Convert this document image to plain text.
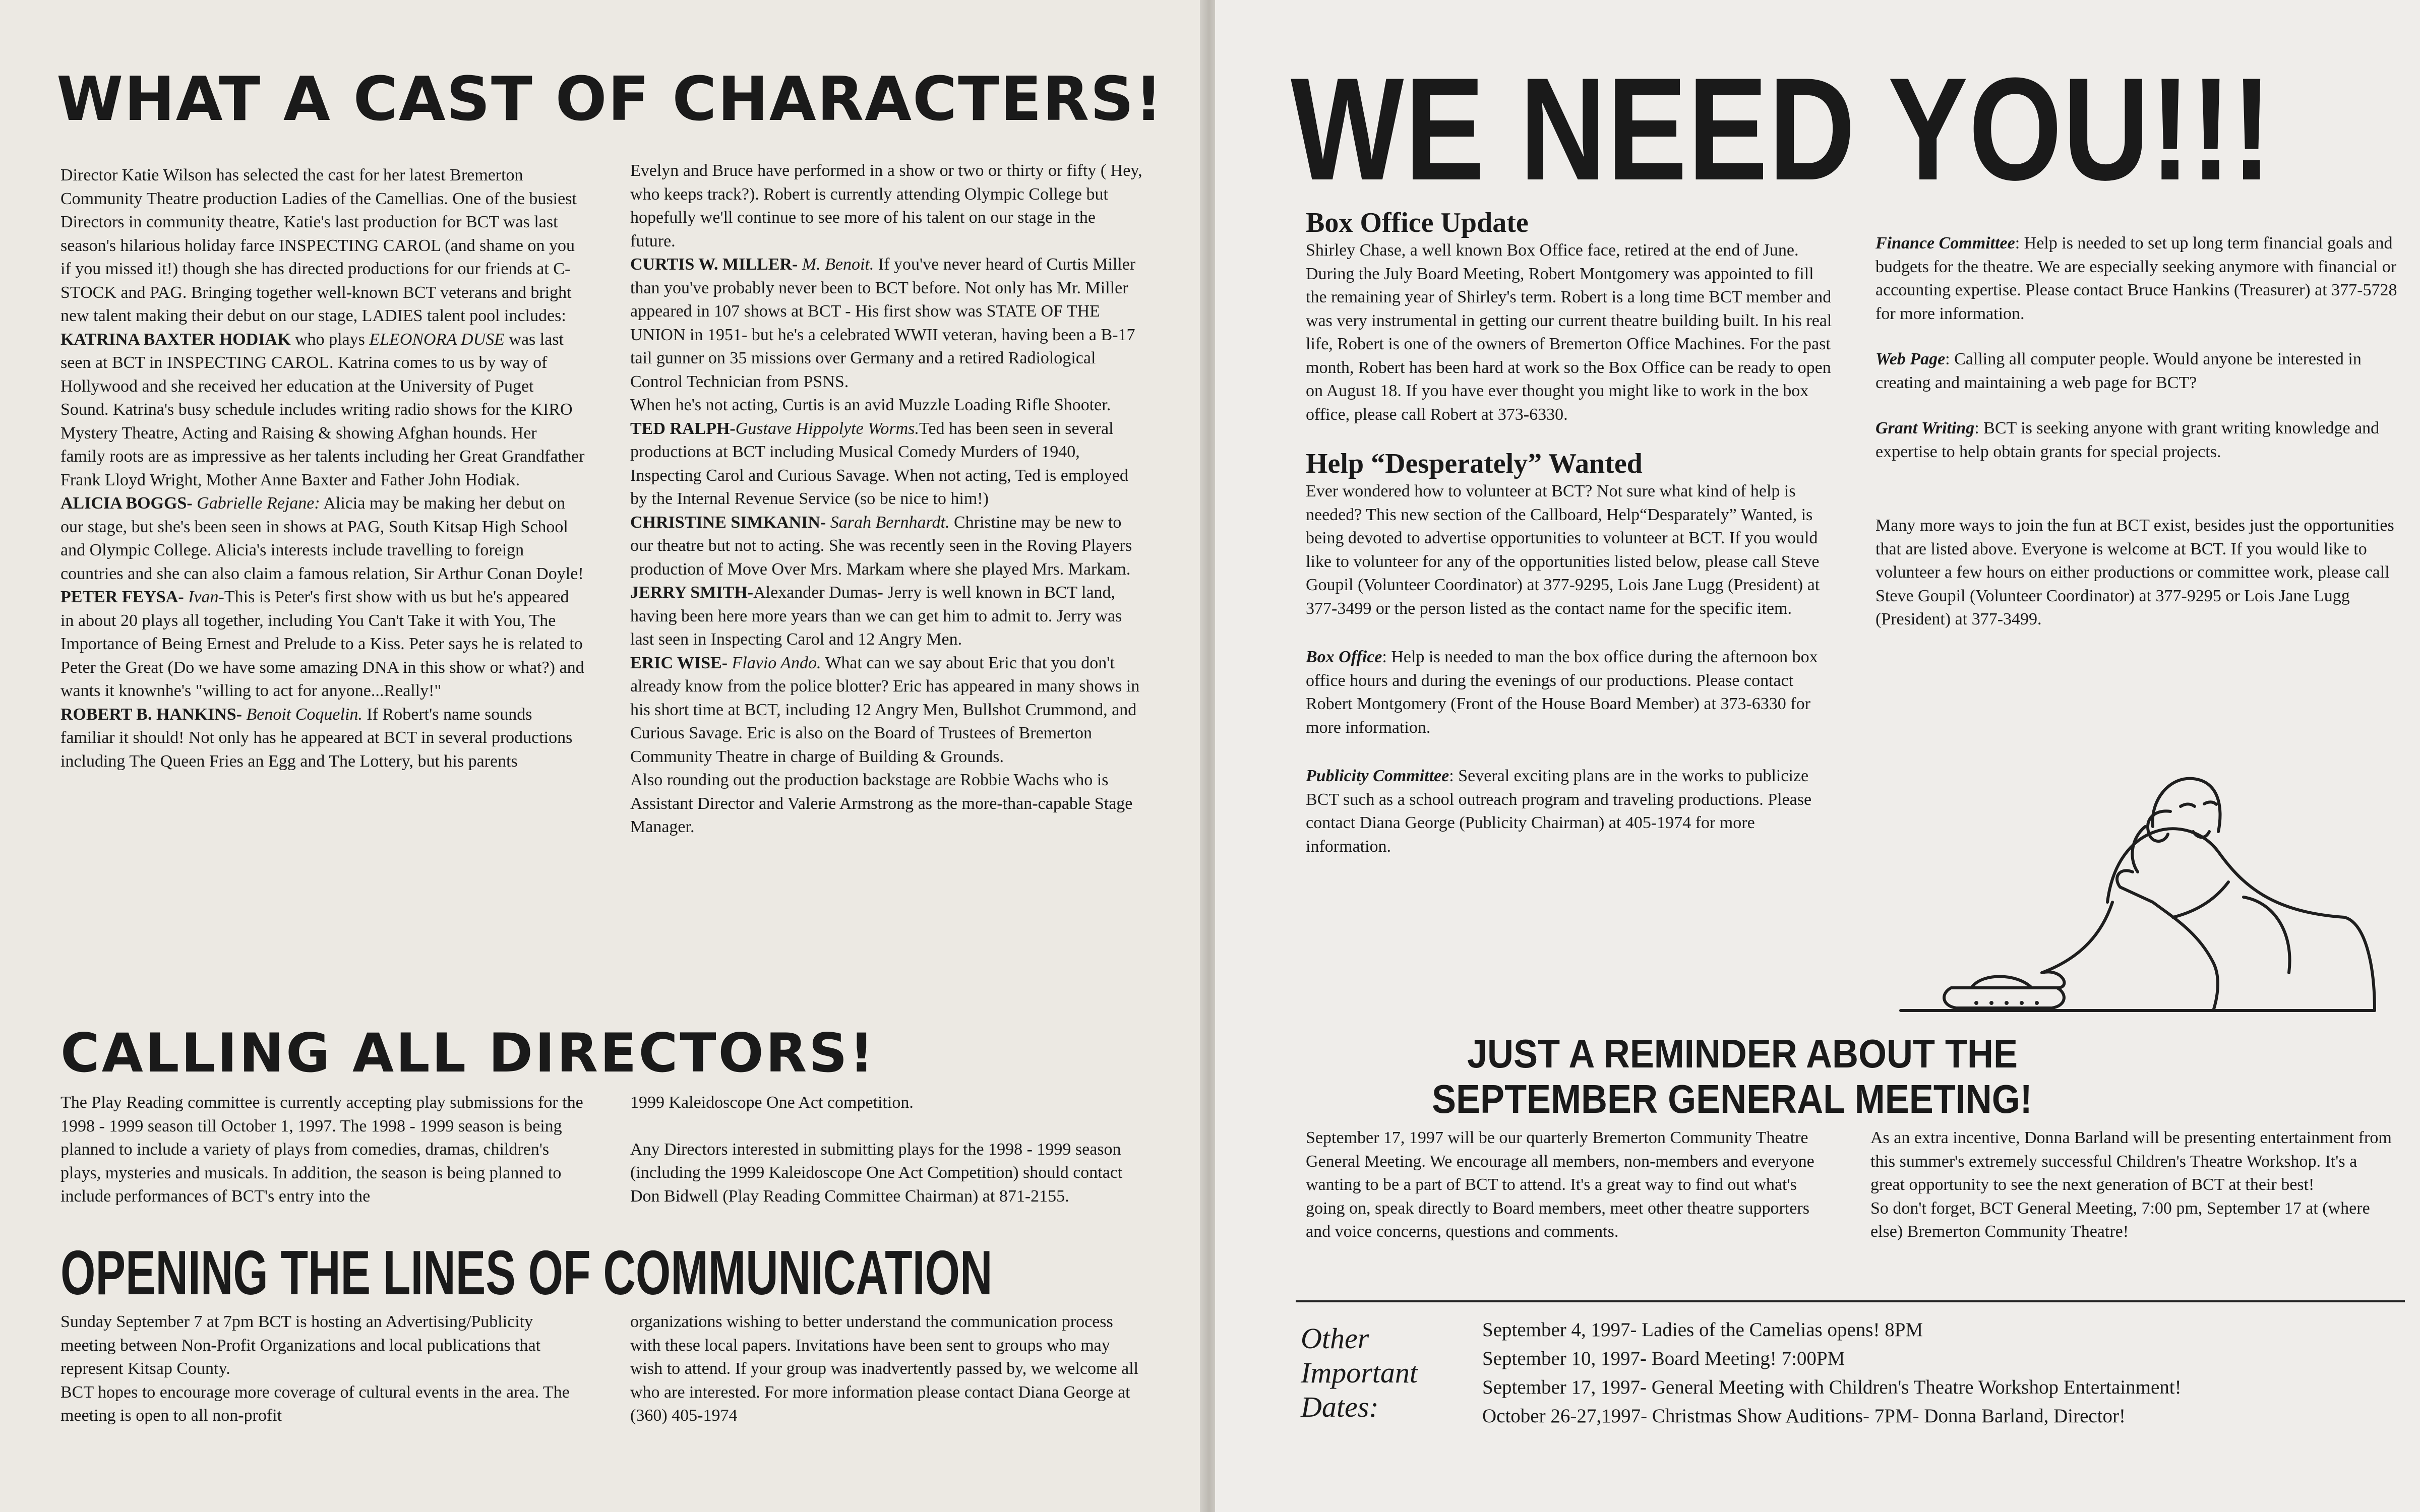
WHAT A CAST OF CHARACTERS!

Director Katie Wilson has selected the cast for her latest Bremerton Community Theatre production Ladies of the Camellias. One of the busiest Directors in community theatre, Katie's last production for BCT was last season's hilarious holiday farce INSPECTING CAROL (and shame on you if you missed it!) though she has directed productions for our friends at C-STOCK and PAG. Bringing together well-known BCT veterans and bright new talent making their debut on our stage, LADIES talent pool includes:

KATRINA BAXTER HODIAK who plays ELEONORA DUSE was last seen at BCT in INSPECTING CAROL. Katrina comes to us by way of Hollywood and she received her education at the University of Puget Sound. Katrina's busy schedule includes writing radio shows for the KIRO Mystery Theatre, Acting and Raising & showing Afghan hounds. Her family roots are as impressive as her talents including her Great Grandfather Frank Lloyd Wright, Mother Anne Baxter and Father John Hodiak.

ALICIA BOGGS- Gabrielle Rejane: Alicia may be making her debut on our stage, but she's been seen in shows at PAG, South Kitsap High School and Olympic College. Alicia's interests include travelling to foreign countries and she can also claim a famous relation, Sir Arthur Conan Doyle!

PETER FEYSA- Ivan-This is Peter's first show with us but he's appeared in about 20 plays all together, including You Can't Take it with You, The Importance of Being Ernest and Prelude to a Kiss. Peter says he is related to Peter the Great (Do we have some amazing DNA in this show or what?) and wants it knownhe's "willing to act for anyone...Really!"

ROBERT B. HANKINS- Benoit Coquelin. If Robert's name sounds familiar it should! Not only has he appeared at BCT in several productions including The Queen Fries an Egg and The Lottery, but his parents

Evelyn and Bruce have performed in a show or two or thirty or fifty ( Hey, who keeps track?). Robert is currently attending Olympic College but hopefully we'll continue to see more of his talent on our stage in the future.

CURTIS W. MILLER- M. Benoit. If you've never heard of Curtis Miller than you've probably never been to BCT before. Not only has Mr. Miller appeared in 107 shows at BCT - His first show was STATE OF THE UNION in 1951- but he's a celebrated WWII veteran, having been a B-17 tail gunner on 35 missions over Germany and a retired Radiological Control Technician from PSNS.

When he's not acting, Curtis is an avid Muzzle Loading Rifle Shooter.

TED RALPH-Gustave Hippolyte Worms.Ted has been seen in several productions at BCT including Musical Comedy Murders of 1940, Inspecting Carol and Curious Savage. When not acting, Ted is employed by the Internal Revenue Service (so be nice to him!)

CHRISTINE SIMKANIN- Sarah Bernhardt. Christine may be new to our theatre but not to acting. She was recently seen in the Roving Players production of Move Over Mrs. Markam where she played Mrs. Markam.

JERRY SMITH-Alexander Dumas- Jerry is well known in BCT land, having been here more years than we can get him to admit to. Jerry was last seen in Inspecting Carol and 12 Angry Men.

ERIC WISE- Flavio Ando. What can we say about Eric that you don't already know from the police blotter? Eric has appeared in many shows in his short time at BCT, including 12 Angry Men, Bullshot Crummond, and Curious Savage. Eric is also on the Board of Trustees of Bremerton Community Theatre in charge of Building & Grounds.

Also rounding out the production backstage are Robbie Wachs who is Assistant Director and Valerie Armstrong as the more-than-capable Stage Manager.

CALLING ALL DIRECTORS!

The Play Reading committee is currently accepting play submissions for the 1998 - 1999 season till October 1, 1997. The 1998 - 1999 season is being planned to include a variety of plays from comedies, dramas, children's plays, mysteries and musicals. In addition, the season is being planned to include performances of BCT's entry into the

1999 Kaleidoscope One Act competition.

Any Directors interested in submitting plays for the 1998 - 1999 season (including the 1999 Kaleidoscope One Act Competition) should contact Don Bidwell (Play Reading Committee Chairman) at 871-2155.

OPENING THE LINES OF COMMUNICATION

Sunday September 7 at 7pm BCT is hosting an Advertising/Publicity meeting between Non-Profit Organizations and local publications that represent Kitsap County.

BCT hopes to encourage more coverage of cultural events in the area. The meeting is open to all non-profit

organizations wishing to better understand the communication process with these local papers. Invitations have been sent to groups who may wish to attend. If your group was inadvertently passed by, we welcome all who are interested. For more information please contact Diana George at (360) 405-1974

WE NEED YOU!!!
Box Office Update

Shirley Chase, a well known Box Office face, retired at the end of June. During the July Board Meeting, Robert Montgomery was appointed to fill the remaining year of Shirley's term. Robert is a long time BCT member and was very instrumental in getting our current theatre building built. In his real life, Robert is one of the owners of Bremerton Office Machines. For the past month, Robert has been hard at work so the Box Office can be ready to open on August 18. If you have ever thought you might like to work in the box office, please call Robert at 373-6330.

Help “Desperately” Wanted

Ever wondered how to volunteer at BCT? Not sure what kind of help is needed? This new section of the Callboard, Help“Desparately” Wanted, is being devoted to advertise opportunities to volunteer at BCT. If you would like to volunteer for any of the opportunities listed below, please call Steve Goupil (Volunteer Coordinator) at 377-9295, Lois Jane Lugg (President) at 377-3499 or the person listed as the contact name for the specific item.

Box Office: Help is needed to man the box office during the afternoon box office hours and during the evenings of our productions. Please contact Robert Montgomery (Front of the House Board Member) at 373-6330 for more information.

Publicity Committee: Several exciting plans are in the works to publicize BCT such as a school outreach program and traveling productions. Please contact Diana George (Publicity Chairman) at 405-1974 for more information.

Finance Committee: Help is needed to set up long term financial goals and budgets for the theatre. We are especially seeking anymore with financial or accounting expertise. Please contact Bruce Hankins (Treasurer) at 377-5728 for more information.

Web Page: Calling all computer people. Would anyone be interested in creating and maintaining a web page for BCT?

Grant Writing: BCT is seeking anyone with grant writing knowledge and expertise to help obtain grants for special projects.

Many more ways to join the fun at BCT exist, besides just the opportunities that are listed above. Everyone is welcome at BCT. If you would like to volunteer a few hours on either productions or committee work, please call Steve Goupil (Volunteer Coordinator) at 377-9295 or Lois Jane Lugg (President) at 377-3499.

JUST A REMINDER ABOUT THE
SEPTEMBER GENERAL MEETING!

September 17, 1997 will be our quarterly Bremerton Community Theatre General Meeting. We encourage all members, non-members and everyone wanting to be a part of BCT to attend. It's a great way to find out what's going on, speak directly to Board members, meet other theatre supporters and voice concerns, questions and comments.

As an extra incentive, Donna Barland will be presenting entertainment from this summer's extremely successful Children's Theatre Workshop. It's a great opportunity to see the next generation of BCT at their best!

So don't forget, BCT General Meeting, 7:00 pm, September 17 at (where else) Bremerton Community Theatre!

Other
Important
Dates:
September 4, 1997- Ladies of the Camelias opens! 8PM
September 10, 1997- Board Meeting! 7:00PM
September 17, 1997- General Meeting with Children's Theatre Workshop Entertainment!
October 26-27,1997- Christmas Show Auditions- 7PM- Donna Barland, Director!
